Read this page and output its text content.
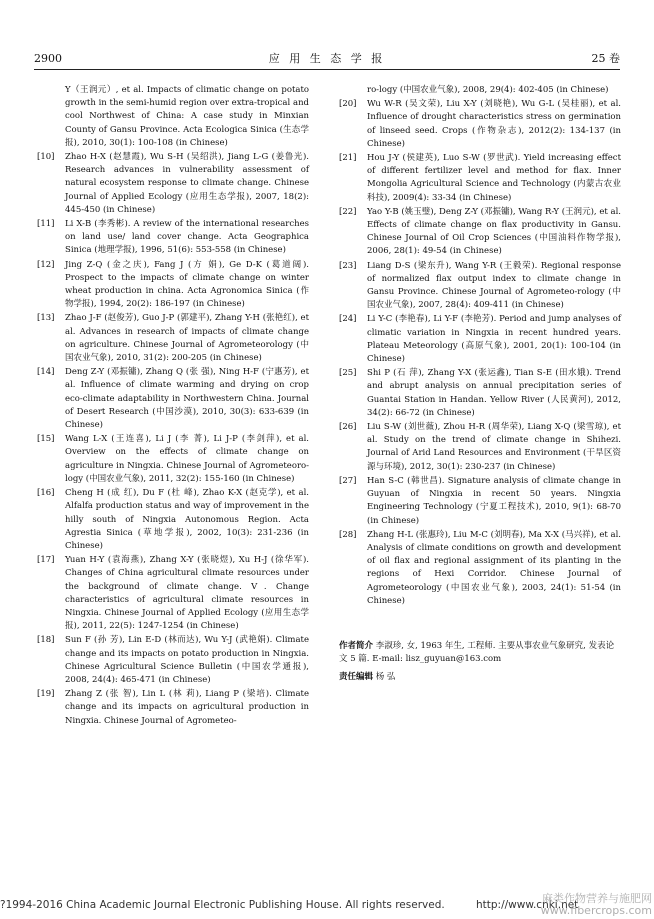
2900	应 用 生 态 学 报	25 卷
Y（王润元）, et al. Impacts of climatic change on potato growth in the semi-humid region over extra-tropical and cool Northwest of China: A case study in Minxian County of Gansu Province. Acta Ecologica Sinica (生态学报), 2010, 30(1): 100-108 (in Chinese)
[10] Zhao H-X (赵慧霞), Wu S-H (吴绍洪), Jiang L-G (姜鲁光). Research advances in vulnerability assessment of natural ecosystem response to climate change. Chinese Journal of Applied Ecology (应用生态学报), 2007, 18(2): 445-450 (in Chinese)
[11] Li X-B (李秀彬). A review of the international researches on land use/ land cover change. Acta Geographica Sinica (地理学报), 1996, 51(6): 553-558 (in Chinese)
[12] Jing Z-Q (金之庆), Fang J (方 娟), Ge D-K (葛道阔). Prospect to the impacts of climate change on winter wheat production in china. Acta Agronomica Sinica (作物学报), 1994, 20(2): 186-197 (in Chinese)
[13] Zhao J-F (赵俊芳), Guo J-P (郭建平), Zhang Y-H (张艳红), et al. Advances in research of impacts of climate change on agriculture. Chinese Journal of Agrometeorology (中国农业气象), 2010, 31(2): 200-205 (in Chinese)
[14] Deng Z-Y (邓振镛), Zhang Q (张 强), Ning H-F (宁惠芳), et al. Influence of climate warming and drying on crop eco-climate adaptability in Northwestern China. Journal of Desert Research (中国沙漠), 2010, 30(3): 633-639 (in Chinese)
[15] Wang L-X (王连喜), Li J (李 菁), Li J-P (李剑萍), et al. Overview on the effects of climate change on agriculture in Ningxia. Chinese Journal of Agrometeoro-logy (中国农业气象), 2011, 32(2): 155-160 (in Chinese)
[16] Cheng H (成 红), Du F (杜 峰), Zhao K-X (赵克学), et al. Alfalfa production status and way of improvement in the hilly south of Ningxia Autonomous Region. Acta Agrestia Sinica (草地学报), 2002, 10(3): 231-236 (in Chinese)
[17] Yuan H-Y (袁海燕), Zhang X-Y (张晓煜), Xu H-J (徐华军). Changes of China agricultural climate resources under the background of climate change. Ⅴ. Change characteristics of agricultural climate resources in Ningxia. Chinese Journal of Applied Ecology (应用生态学报), 2011, 22(5): 1247-1254 (in Chinese)
[18] Sun F (孙 芳), Lin E-D (林而达), Wu Y-J (武艳娟). Climate change and its impacts on potato production in Ningxia. Chinese Agricultural Science Bulletin (中国农学通报), 2008, 24(4): 465-471 (in Chinese)
[19] Zhang Z (张 智), Lin L (林 莉), Liang P (梁培). Climate change and its impacts on agricultural production in Ningxia. Chinese Journal of Agrometeo-
ro-logy (中国农业气象), 2008, 29(4): 402-405 (in Chinese)
[20] Wu W-R (吴文荣), Liu X-Y (刘晓艳), Wu G-L (吴桂丽), et al. Influence of drought characteristics stress on germination of linseed seed. Crops (作物杂志), 2012(2): 134-137 (in Chinese)
[21] Hou J-Y (侯建英), Luo S-W (罗世武). Yield increasing effect of different fertilizer level and method for flax. Inner Mongolia Agricultural Science and Technology (内蒙古农业科技), 2009(4): 33-34 (in Chinese)
[22] Yao Y-B (姚玉璧), Deng Z-Y (邓振镛), Wang R-Y (王润元), et al. Effects of climate change on flax productivity in Gansu. Chinese Journal of Oil Crop Sciences (中国油料作物学报), 2006, 28(1): 49-54 (in Chinese)
[23] Liang D-S (梁东升), Wang Y-R (王毅荣). Regional response of normalized flax output index to climate change in Gansu Province. Chinese Journal of Agrometeo-rology (中国农业气象), 2007, 28(4): 409-411 (in Chinese)
[24] Li Y-C (李艳春), Li Y-F (李艳芳). Period and jump analyses of climatic variation in Ningxia in recent hundred years. Plateau Meteorology (高原气象), 2001, 20(1): 100-104 (in Chinese)
[25] Shi P (石 萍), Zhang Y-X (张运鑫), Tian S-E (田水娥). Trend and abrupt analysis on annual precipitation series of Guantai Station in Handan. Yellow River (人民黄河), 2012, 34(2): 66-72 (in Chinese)
[26] Liu S-W (刘世薇), Zhou H-R (周华荣), Liang X-Q (梁雪琼), et al. Study on the trend of climate change in Shihezi. Journal of Arid Land Resources and Environment (干旱区资源与环境), 2012, 30(1): 230-237 (in Chinese)
[27] Han S-C (韩世昌). Signature analysis of climate change in Guyuan of Ningxia in recent 50 years. Ningxia Engineering Technology (宁夏工程技术), 2010, 9(1): 68-70 (in Chinese)
[28] Zhang H-L (张惠玲), Liu M-C (刘明春), Ma X-X (马兴祥), et al. Analysis of climate conditions on growth and development of oil flax and regional assignment of its planting in the regions of Hexi Corridor. Chinese Journal of Agrometeorology (中国农业气象), 2003, 24(1): 51-54 (in Chinese)
作者简介 李淑珍, 女, 1963 年生, 工程师. 主要从事农业气象研究, 发表论文 5 篇. E-mail: lisz_guyuan@163.com
责任编辑 杨 弘
?1994-2016 China Academic Journal Electronic Publishing House. All rights reserved.	http://www.cnki.net
麻类作物营养与施肥网
www.fibercrops.com
